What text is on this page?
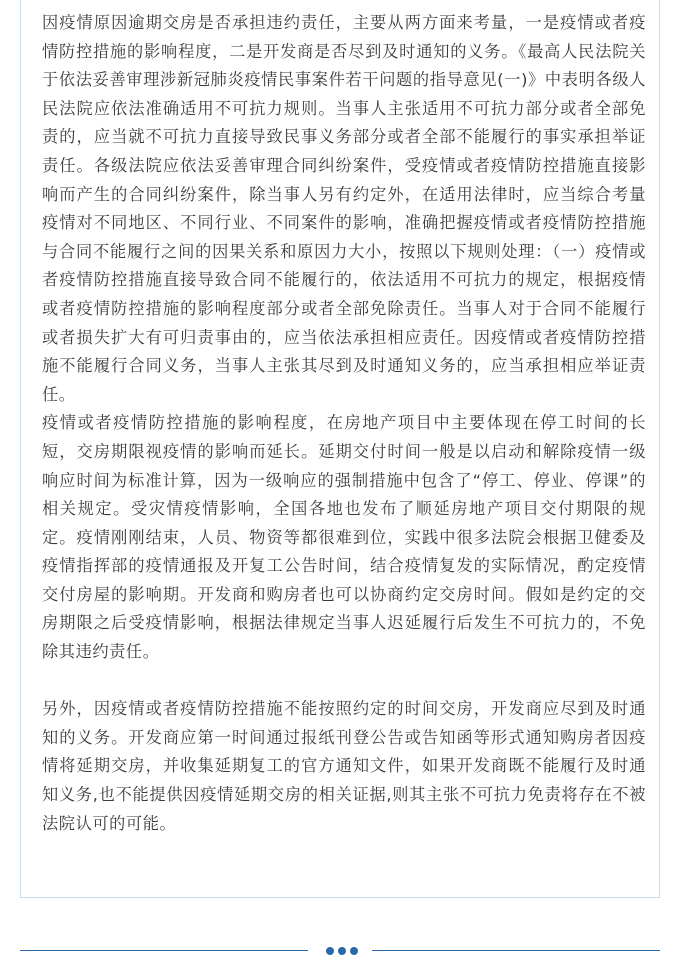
因疫情原因逾期交房是否承担违约责任，主要从两方面来考量，一是疫情或者疫情防控措施的影响程度，二是开发商是否尽到及时通知的义务。《最高人民法院关于依法妥善审理涉新冠肺炎疫情民事案件若干问题的指导意见(一)》中表明各级人民法院应依法准确适用不可抗力规则。当事人主张适用不可抗力部分或者全部免责的，应当就不可抗力直接导致民事义务部分或者全部不能履行的事实承担举证责任。各级法院应依法妥善审理合同纠纷案件，受疫情或者疫情防控措施直接影响而产生的合同纠纷案件，除当事人另有约定外，在适用法律时，应当综合考量疫情对不同地区、不同行业、不同案件的影响，准确把握疫情或者疫情防控措施与合同不能履行之间的因果关系和原因力大小，按照以下规则处理：（一）疫情或者疫情防控措施直接导致合同不能履行的，依法适用不可抗力的规定，根据疫情或者疫情防控措施的影响程度部分或者全部免除责任。当事人对于合同不能履行或者损失扩大有可归责事由的，应当依法承担相应责任。因疫情或者疫情防控措施不能履行合同义务，当事人主张其尽到及时通知义务的，应当承担相应举证责任。

疫情或者疫情防控措施的影响程度，在房地产项目中主要体现在停工时间的长短，交房期限视疫情的影响而延长。延期交付时间一般是以启动和解除疫情一级响应时间为标准计算，因为一级响应的强制措施中包含了“停工、停业、停课”的相关规定。受灾情疫情影响，全国各地也发布了顺延房地产项目交付期限的规定。疫情刚刚结束，人员、物资等都很难到位，实践中很多法院会根据卫健委及疫情指挥部的疫情通报及开复工公告时间，结合疫情复发的实际情况，酌定疫情交付房屋的影响期。开发商和购房者也可以协商约定交房时间。假如是约定的交房期限之后受疫情影响，根据法律规定当事人迟延履行后发生不可抗力的，不免除其违约责任。

另外，因疫情或者疫情防控措施不能按照约定的时间交房，开发商应尽到及时通知的义务。开发商应第一时间通过报纸刊登公告或告知函等形式通知购房者因疫情将延期交房，并收集延期复工的官方通知文件，如果开发商既不能履行及时通知义务,也不能提供因疫情延期交房的相关证据,则其主张不可抗力免责将存在不被法院认可的可能。
